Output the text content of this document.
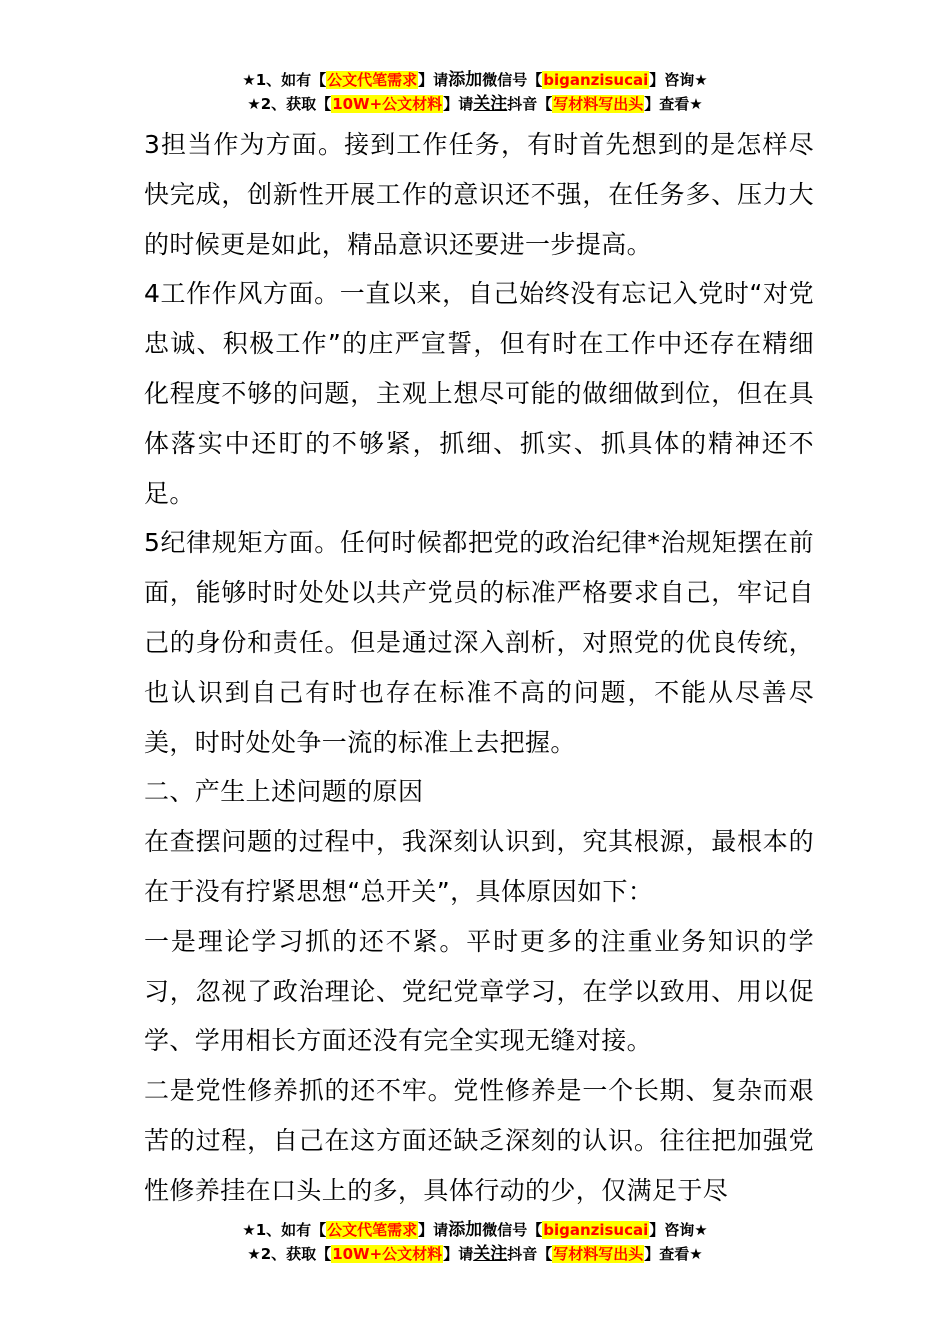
★1、如有【公文代笔需求】请添加微信号【biganzisucai】咨询★
★2、获取【10W+公文材料】请关注抖音【写材料写出头】查看★

3担当作为方面。接到工作任务，有时首先想到的是怎样尽快完成，创新性开展工作的意识还不强，在任务多、压力大的时候更是如此，精品意识还要进一步提高。

4工作作风方面。一直以来，自己始终没有忘记入党时“对党忠诚、积极工作”的庄严宣誓，但有时在工作中还存在精细化程度不够的问题，主观上想尽可能的做细做到位，但在具体落实中还盯的不够紧，抓细、抓实、抓具体的精神还不足。

5纪律规矩方面。任何时候都把党的政治纪律*治规矩摆在前面，能够时时处处以共产党员的标准严格要求自己，牢记自己的身份和责任。但是通过深入剖析，对照党的优良传统，也认识到自己有时也存在标准不高的问题，不能从尽善尽美，时时处处争一流的标准上去把握。

二、产生上述问题的原因

在查摆问题的过程中，我深刻认识到，究其根源，最根本的在于没有拧紧思想“总开关”，具体原因如下：

一是理论学习抓的还不紧。平时更多的注重业务知识的学习，忽视了政治理论、党纪党章学习，在学以致用、用以促学、学用相长方面还没有完全实现无缝对接。

二是党性修养抓的还不牢。党性修养是一个长期、复杂而艰苦的过程，自己在这方面还缺乏深刻的认识。往往把加强党性修养挂在口头上的多，具体行动的少，仅满足于尽

★1、如有【公文代笔需求】请添加微信号【biganzisucai】咨询★
★2、获取【10W+公文材料】请关注抖音【写材料写出头】查看★
